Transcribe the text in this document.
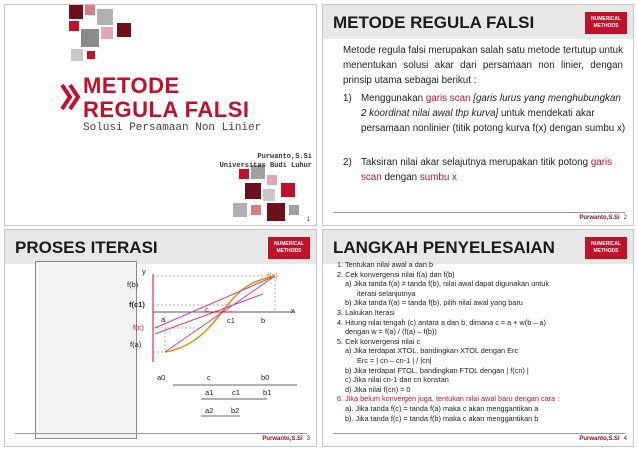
METODE
REGULA FALSI
Solusi Persamaan Non Linier
Purwanto,S.Si
Universitas Budi Luhur
1
METODE REGULA FALSI	NUMERICAL
METHODS
Metode regula falsi merupakan salah satu metode tertutup untuk menentukan solusi akar dari persamaan non linier, dengan prinsip utama sebagai berikut :
1) Menggunakan garis scan [garis lurus yang menghubungkan 2 koordinat nilai awal thp kurva] untuk mendekati akar persamaan nonlinier (titik potong kurva f(x) dengan sumbu x)
2) Taksiran nilai akar selajutnya merupakan titik potong garis scan dengan sumbu x
Purwanto,S.Si 2
PROSES ITERASI	NUMERICAL
METHODS
y
f(b)
f(c1)
f(c)
f(a)
f(x)
x
a
c
c1	b
a0	c	b0
a1 c1	b1
a2 b2
Purwanto,S.Si 3
LANGKAH PENYELESAIAN	NUMERICAL
METHODS
1. Tentukan nilai awal a dan b
2. Cek konvergensi nilai f(a) dan f(b)
a) Jika tanda f(a) ≠ tanda f(b), nilai awal dapat digunakan untuk
iterasi selanjutnya
b) Jika tanda f(a) = tanda f(b), pilih nilai awal yang baru
3. Lakukan Iterasi
4. Hitung nilai tengah (c) antara a dan b, dimana c = a + w(b – a)
dengan w = f(a) / (f(a) – f(b))
5. Cek konvergensi nilai c
a) Jika terdapat XTOL, bandingkan XTOL dengan Erc
Erc = | cn – cn-1 | / |cn|
b) Jika terdapat FTOL, bandingkan FTOL dengan | f(cn) |
c) Jika nilai cn-1 dan cn konstan
d) Jika nilai f(cn) = 0
6. Jika belum konvergen juga, tentukan nilai awal baru dengan cara :
a). Jika tanda f(c) = tanda f(a) maka c akan menggantikan a
b). Jika tanda f(c) = tanda f(b) maka c akan menggantikan b
Purwanto,S.Si 4
